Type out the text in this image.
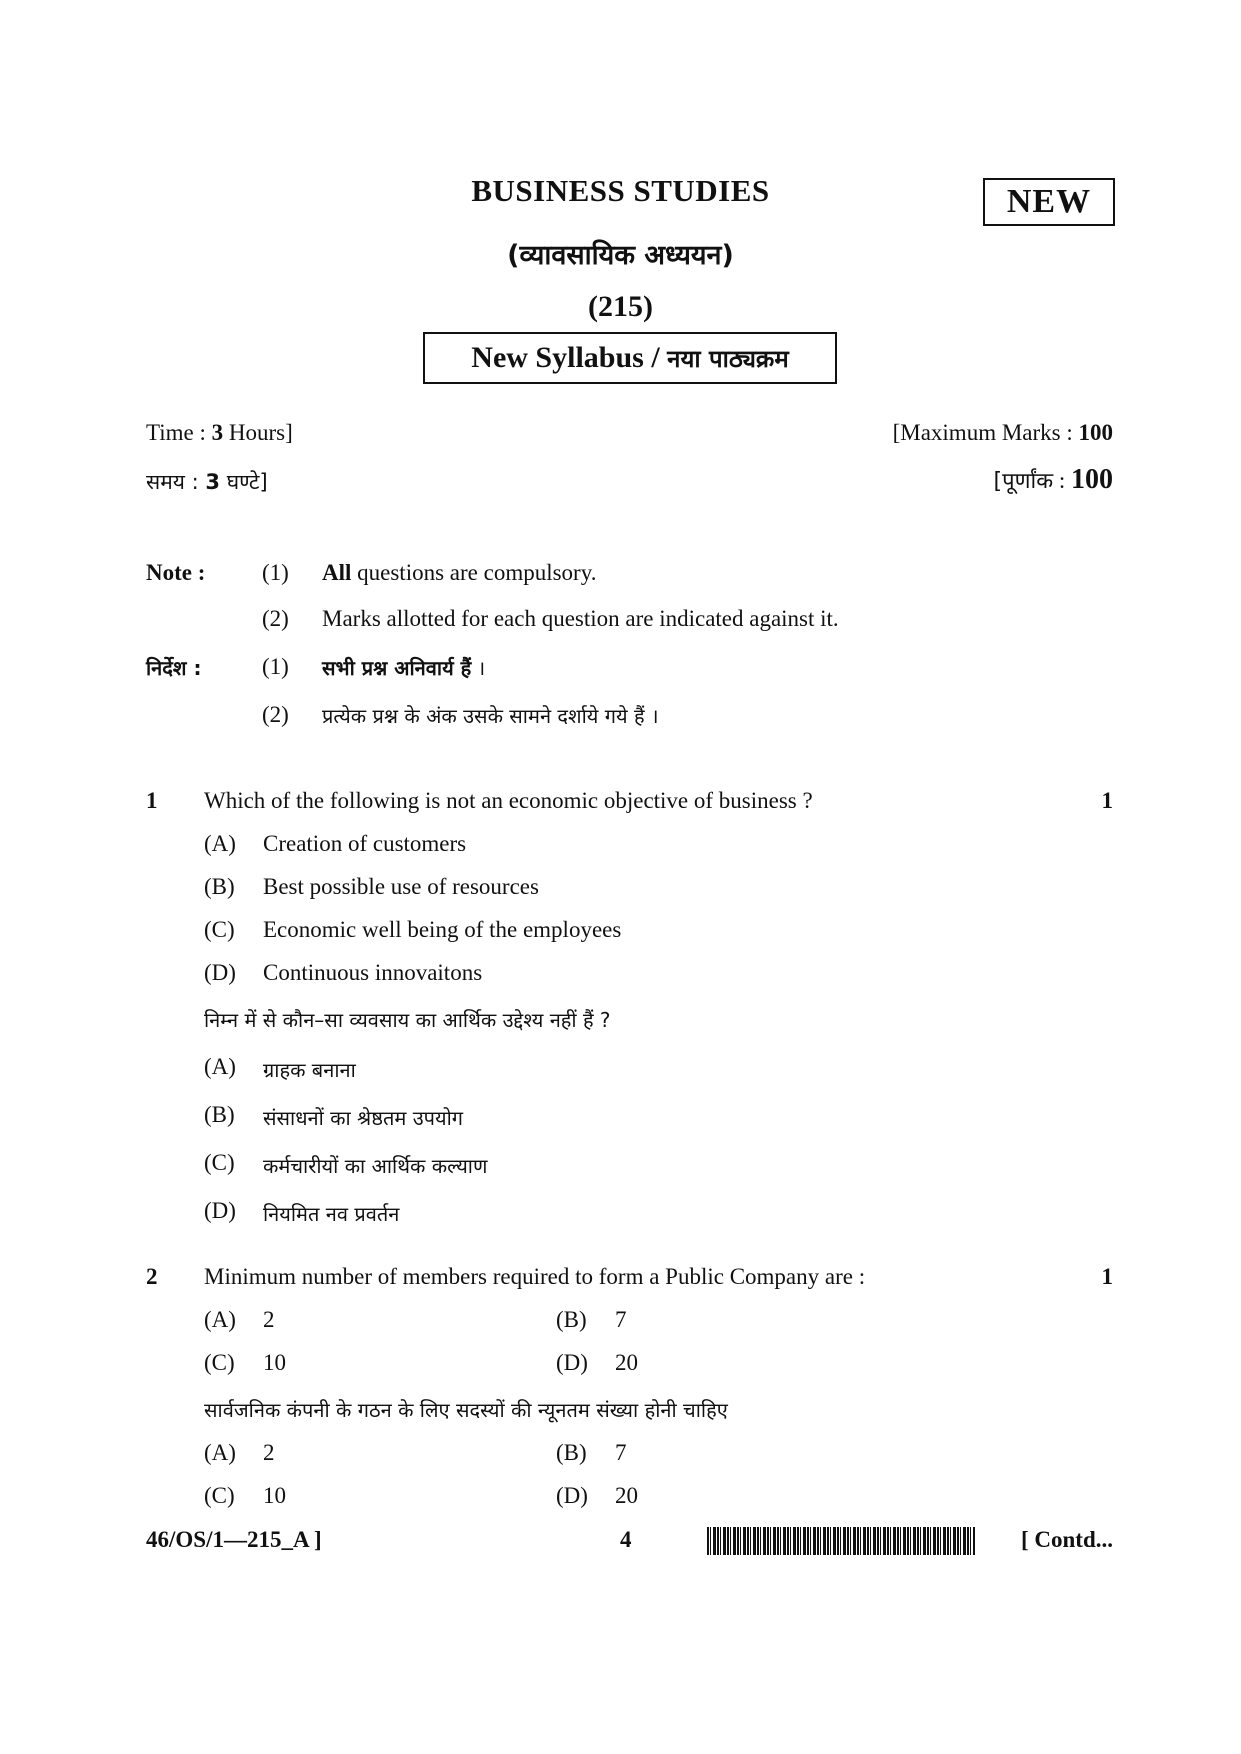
BUSINESS STUDIES	NEW
(व्यावसायिक अध्ययन)
(215)
New Syllabus / नया पाठ्यक्रम
Time : 3 Hours]	[Maximum Marks : 100
समय : 3 घण्टे]	[पूर्णांक : 100
Note : (1) All questions are compulsory.
(2) Marks allotted for each question are indicated against it.
निर्देश :	(1) सभी प्रश्न अनिवार्य हैं ।
(2) प्रत्येक प्रश्न के अंक उसके सामने दर्शाये गये हैं ।
1 Which of the following is not an economic objective of business ?	1
(A) Creation of customers
(B) Best possible use of resources
(C) Economic well being of the employees
(D) Continuous innovaitons
निम्न में से कौन–सा व्यवसाय का आर्थिक उद्देश्य नहीं हैं ?
(A) ग्राहक बनाना
(B) संसाधनों का श्रेष्ठतम उपयोग
(C) कर्मचारीयों का आर्थिक कल्याण
(D) नियमित नव प्रवर्तन
2 Minimum number of members required to form a Public Company are :	1
(A) 2	(B) 7
(C) 10	(D) 20
सार्वजनिक कंपनी के गठन के लिए सदस्यों की न्यूनतम संख्या होनी चाहिए
(A) 2	(B) 7
(C) 10	(D) 20
46/OS/1—215_A ]	4	[ Contd...
